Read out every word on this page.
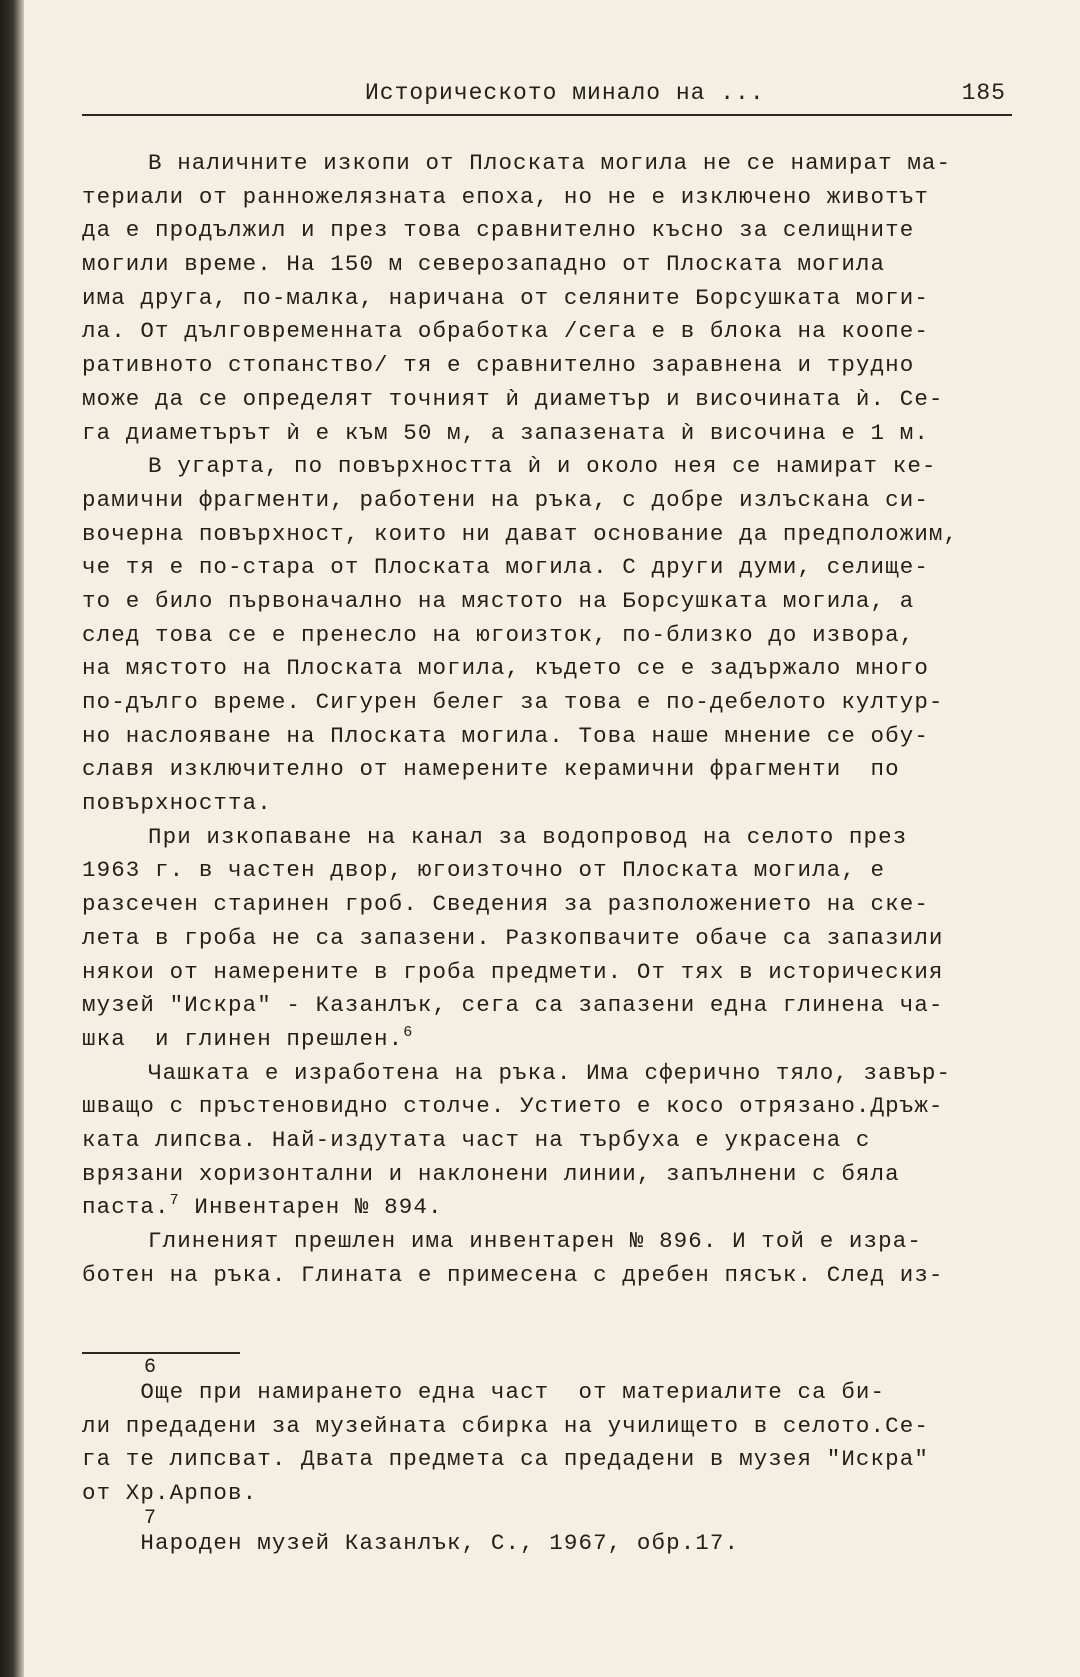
Историческото минало на ...	185
В наличните изкопи от Плоската могила не се намират ма-
териали от ранножелязната епоха, но не е изключено животът
да е продължил и през това сравнително късно за селищните
могили време. На 150 м северозападно от Плоската могила
има друга, по-малка, наричана от селяните Борсушката моги-
ла. От дълговременната обработка /сега е в блока на коопе-
ративното стопанство/ тя е сравнително заравнена и трудно
може да се определят точният ѝ диаметър и височината ѝ. Се-
га диаметърът ѝ е към 50 м, а запазената ѝ височина е 1 м.
В угарта, по повърхността ѝ и около нея се намират ке-
рамични фрагменти, работени на ръка, с добре излъскана си-
вочерна повърхност, които ни дават основание да предположим,
че тя е по-стара от Плоската могила. С други думи, селище-
то е било първоначално на мястото на Борсушката могила, а
след това се е пренесло на югоизток, по-близко до извора,
на мястото на Плоската могила, където се е задържало много
по-дълго време. Сигурен белег за това е по-дебелото култур-
но наслояване на Плоската могила. Това наше мнение се обу-
славя изключително от намерените керамични фрагменти  по
повърхността.
При изкопаване на канал за водопровод на селото през
1963 г. в частен двор, югоизточно от Плоската могила, е
разсечен старинен гроб. Сведения за разположението на ске-
лета в гроба не са запазени. Разкопвачите обаче са запазили
някои от намерените в гроба предмети. От тях в историческия
музей "Искра" - Казанлък, сега са запазени една глинена ча-
шка  и глинен прешлен.$^6$
Чашката е изработена на ръка. Има сферично тяло, завър-
шващо с пръстеновидно столче. Устието е косо отрязано.Дръж-
ката липсва. Най-издутата част на търбуха е украсена с
врязани хоризонтални и наклонени линии, запълнени с бяла
паста.$^7$ Инвентарен № 894.
Глиненият прешлен има инвентарен № 896. И той е изра-
ботен на ръка. Глината е примесена с дребен пясък. След из-
6
Още при намирането една част  от материалите са би-
ли предадени за музейната сбирка на училището в селото.Се-
га те липсват. Двата предмета са предадени в музея "Искра"
от Хр.Арпов.
7
Народен музей Казанлък, С., 1967, обр.17.
